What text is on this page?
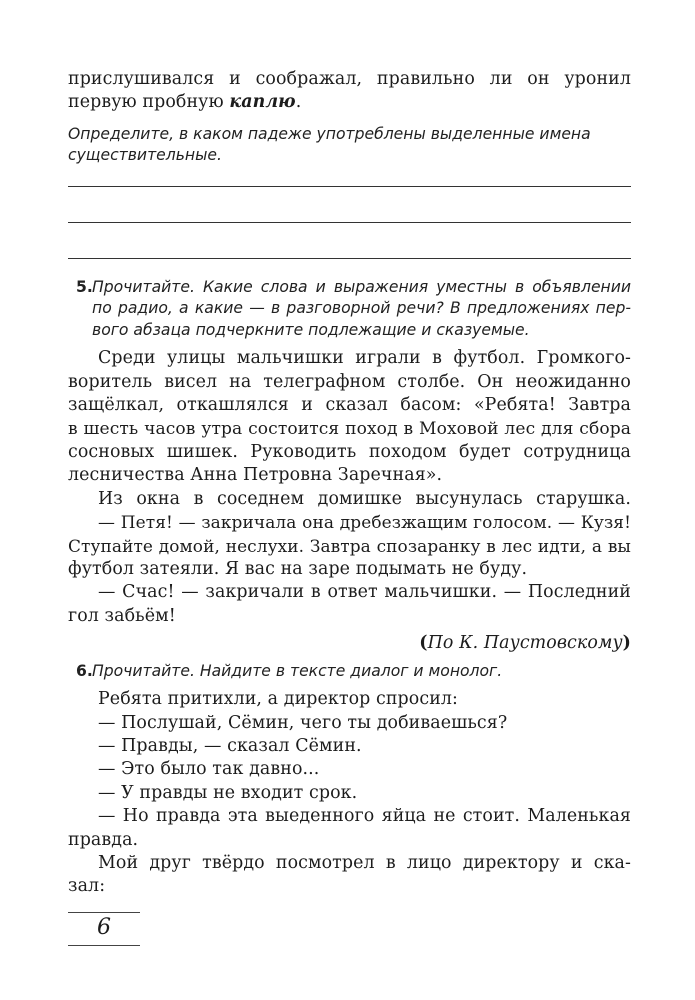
прислушивался и соображал, правильно ли он уронил
первую пробную каплю.
Определите, в каком падеже употреблены выделенные имена
существительные.
5. Прочитайте. Какие слова и выражения уместны в объявлении
по радио, а какие — в разговорной речи? В предложениях пер-
вого абзаца подчеркните подлежащие и сказуемые.
Среди улицы мальчишки играли в футбол. Громкого-
воритель висел на телеграфном столбе. Он неожиданно
защёлкал, откашлялся и сказал басом: «Ребята! Завтра
в шесть часов утра состоится поход в Моховой лес для сбора
сосновых шишек. Руководить походом будет сотрудница
лесничества Анна Петровна Заречная».
Из окна в соседнем домишке высунулась старушка.
— Петя! — закричала она дребезжащим голосом. — Кузя!
Ступайте домой, неслухи. Завтра спозаранку в лес идти, а вы
футбол затеяли. Я вас на заре подымать не буду.
— Счас! — закричали в ответ мальчишки. — Последний
гол забьём!
(По К. Паустовскому)
6. Прочитайте. Найдите в тексте диалог и монолог.
Ребята притихли, а директор спросил:
— Послушай, Сёмин, чего ты добиваешься?
— Правды, — сказал Сёмин.
— Это было так давно...
— У правды не входит срок.
— Но правда эта выеденного яйца не стоит. Маленькая
правда.
Мой друг твёрдо посмотрел в лицо директору и ска-
зал:
6
